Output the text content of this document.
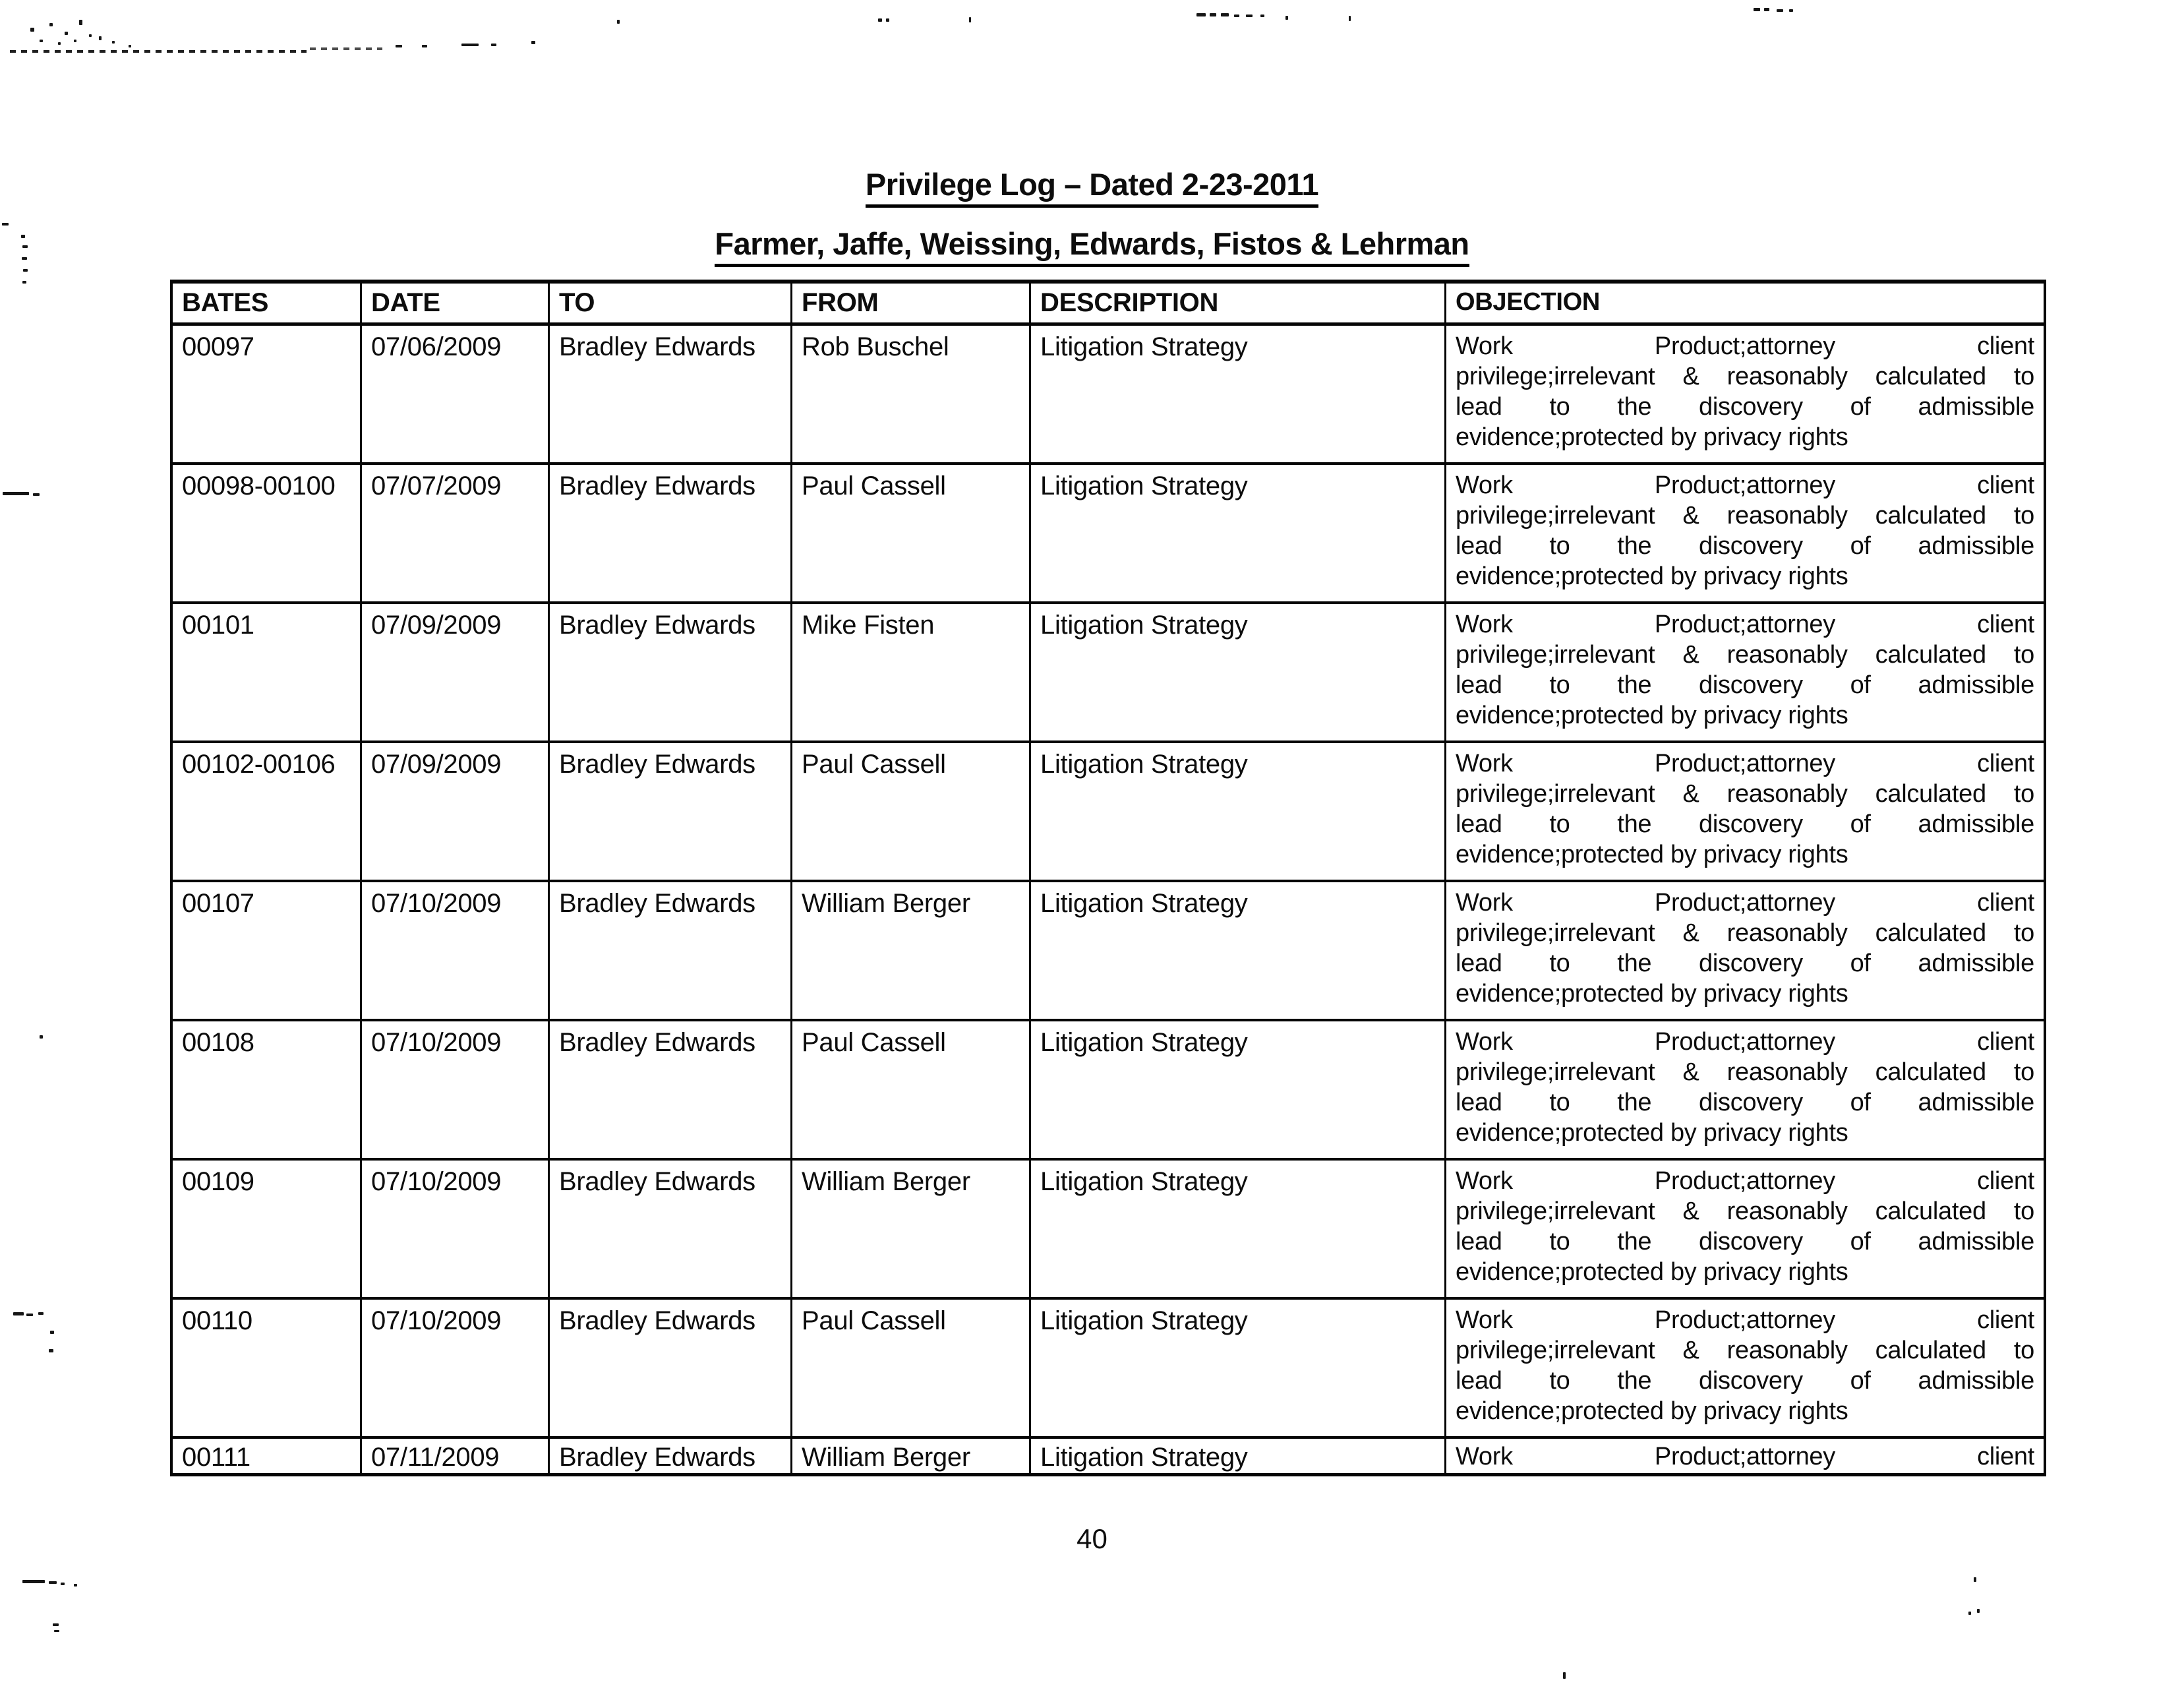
Privilege Log – Dated 2-23-2011
Farmer, Jaffe, Weissing, Edwards, Fistos & Lehrman
BATES	DATE	TO	FROM	DESCRIPTION	OBJECTION
00097	07/06/2009	Bradley Edwards	Rob Buschel	Litigation Strategy	Work Product;attorney client
privilege;irrelevant & reasonably calculated to
lead to the discovery of admissible
evidence;protected by privacy rights
00098-00100	07/07/2009	Bradley Edwards	Paul Cassell	Litigation Strategy	Work Product;attorney client
privilege;irrelevant & reasonably calculated to
lead to the discovery of admissible
evidence;protected by privacy rights
00101	07/09/2009	Bradley Edwards	Mike Fisten	Litigation Strategy	Work Product;attorney client
privilege;irrelevant & reasonably calculated to
lead to the discovery of admissible
evidence;protected by privacy rights
00102-00106	07/09/2009	Bradley Edwards	Paul Cassell	Litigation Strategy	Work Product;attorney client
privilege;irrelevant & reasonably calculated to
lead to the discovery of admissible
evidence;protected by privacy rights
00107	07/10/2009	Bradley Edwards	William Berger	Litigation Strategy	Work Product;attorney client
privilege;irrelevant & reasonably calculated to
lead to the discovery of admissible
evidence;protected by privacy rights
00108	07/10/2009	Bradley Edwards	Paul Cassell	Litigation Strategy	Work Product;attorney client
privilege;irrelevant & reasonably calculated to
lead to the discovery of admissible
evidence;protected by privacy rights
00109	07/10/2009	Bradley Edwards	William Berger	Litigation Strategy	Work Product;attorney client
privilege;irrelevant & reasonably calculated to
lead to the discovery of admissible
evidence;protected by privacy rights
00110	07/10/2009	Bradley Edwards	Paul Cassell	Litigation Strategy	Work Product;attorney client
privilege;irrelevant & reasonably calculated to
lead to the discovery of admissible
evidence;protected by privacy rights
00111	07/11/2009	Bradley Edwards	William Berger	Litigation Strategy	Work Product;attorney client
40
